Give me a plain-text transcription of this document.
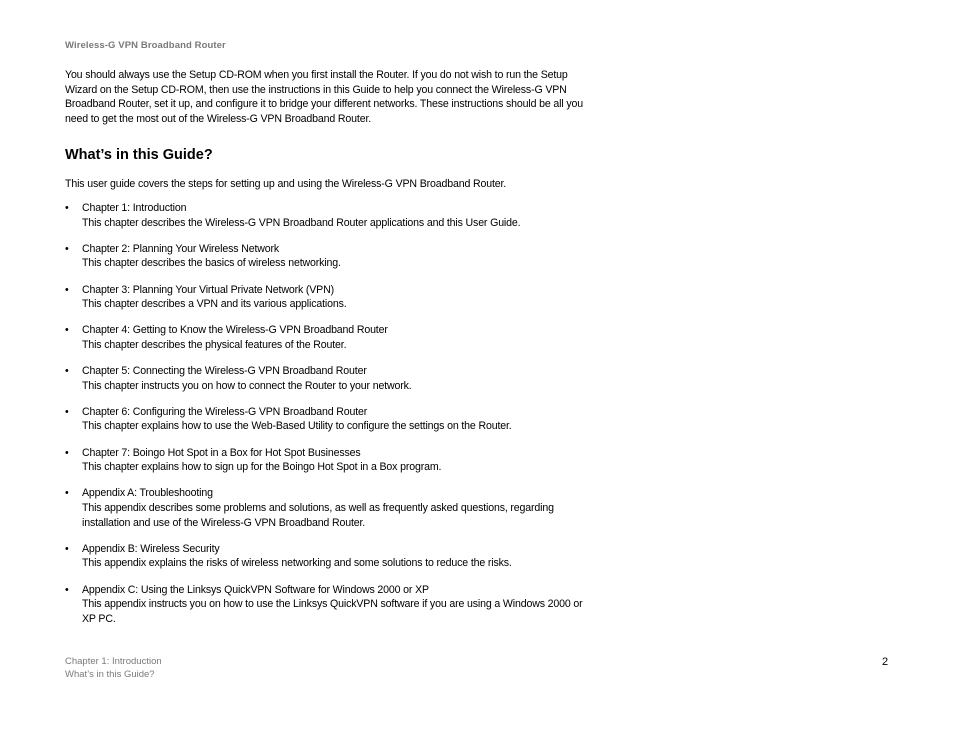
Wireless-G VPN Broadband Router

You should always use the Setup CD-ROM when you first install the Router. If you do not wish to run the Setup Wizard on the Setup CD-ROM, then use the instructions in this Guide to help you connect the Wireless-G VPN Broadband Router, set it up, and configure it to bridge your different networks. These instructions should be all you need to get the most out of the Wireless-G VPN Broadband Router.

What’s in this Guide?

This user guide covers the steps for setting up and using the Wireless-G VPN Broadband Router.

• Chapter 1: Introduction
This chapter describes the Wireless-G VPN Broadband Router applications and this User Guide.
• Chapter 2: Planning Your Wireless Network
This chapter describes the basics of wireless networking.
• Chapter 3: Planning Your Virtual Private Network (VPN)
This chapter describes a VPN and its various applications.
• Chapter 4: Getting to Know the Wireless-G VPN Broadband Router
This chapter describes the physical features of the Router.
• Chapter 5: Connecting the Wireless-G VPN Broadband Router
This chapter instructs you on how to connect the Router to your network.
• Chapter 6: Configuring the Wireless-G VPN Broadband Router
This chapter explains how to use the Web-Based Utility to configure the settings on the Router.
• Chapter 7: Boingo Hot Spot in a Box for Hot Spot Businesses
This chapter explains how to sign up for the Boingo Hot Spot in a Box program.
• Appendix A: Troubleshooting
This appendix describes some problems and solutions, as well as frequently asked questions, regarding installation and use of the Wireless-G VPN Broadband Router.
• Appendix B: Wireless Security
This appendix explains the risks of wireless networking and some solutions to reduce the risks.
• Appendix C: Using the Linksys QuickVPN Software for Windows 2000 or XP
This appendix instructs you on how to use the Linksys QuickVPN software if you are using a Windows 2000 or XP PC.
Chapter 1: Introduction
What’s in this Guide?
2
